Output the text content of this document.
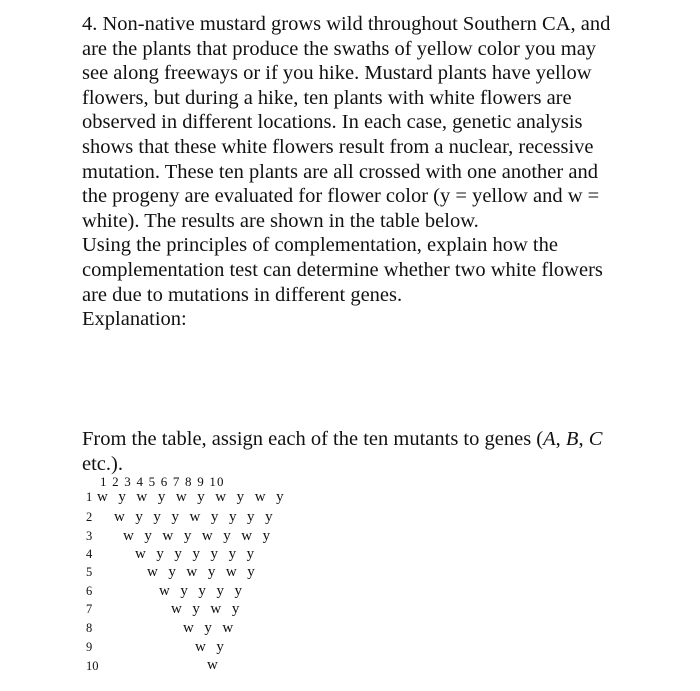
4. Non-native mustard grows wild throughout Southern CA, and
are the plants that produce the swaths of yellow color you may
see along freeways or if you hike. Mustard plants have yellow
flowers, but during a hike, ten plants with white flowers are
observed in different locations. In each case, genetic analysis
shows that these white flowers result from a nuclear, recessive
mutation. These ten plants are all crossed with one another and
the progeny are evaluated for flower color (y = yellow and w =
white). The results are shown in the table below.
Using the principles of complementation, explain how the
complementation test can determine whether two white flowers
are due to mutations in different genes.
Explanation:
From the table, assign each of the ten mutants to genes (A, B, C
etc.).
1 2 3 4 5 6 7 8 9 10
1 w y w y w y w y w y
2	w y y y w y y y y
3	w y w y w y w y
4	w y y y y y y
5	w y w y w y
6	w y y y y
7	w y w y
8	w y w
9	w y
10	w
